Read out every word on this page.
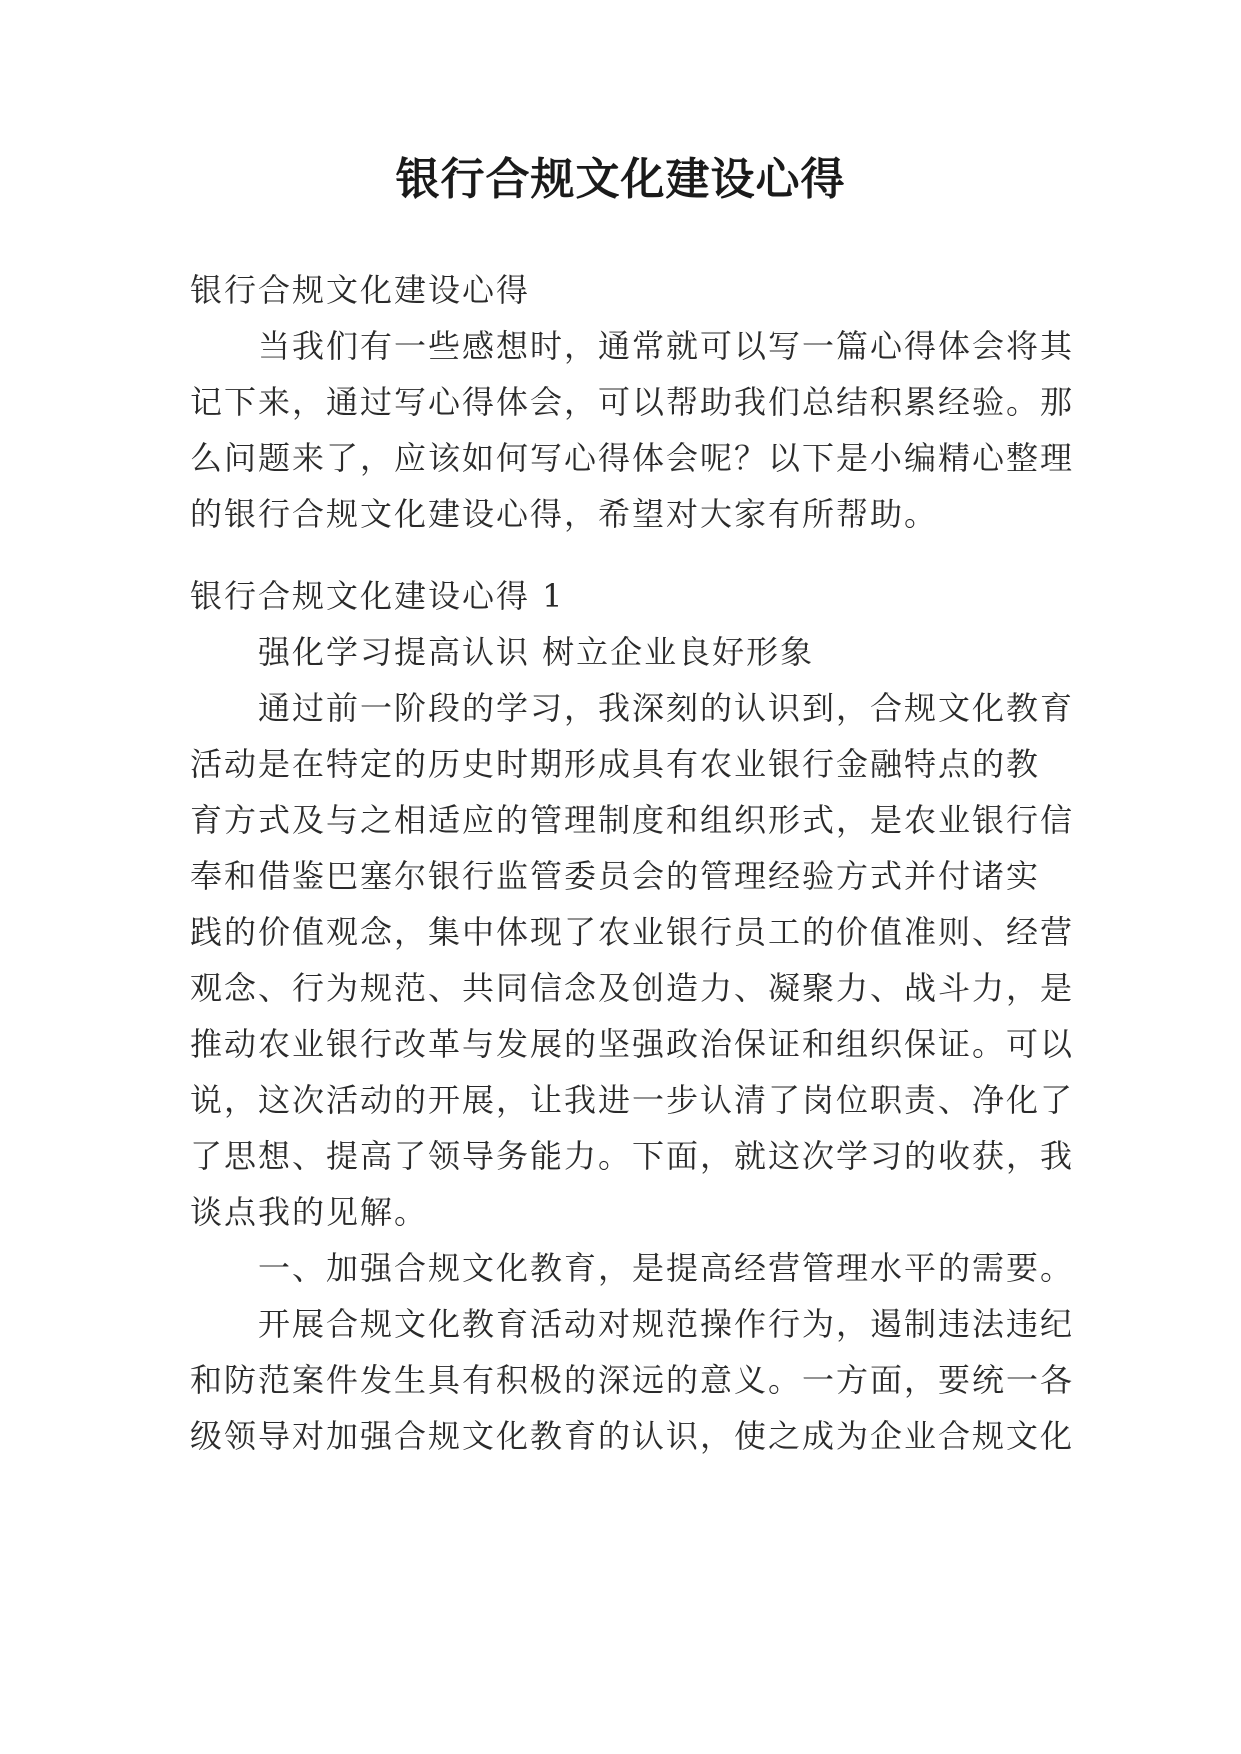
银行合规文化建设心得
银行合规文化建设心得
当我们有一些感想时，通常就可以写一篇心得体会将其
记下来，通过写心得体会，可以帮助我们总结积累经验。那
么问题来了，应该如何写心得体会呢？以下是小编精心整理
的银行合规文化建设心得，希望对大家有所帮助。
银行合规文化建设心得 1
强化学习提高认识 树立企业良好形象
通过前一阶段的学习，我深刻的认识到，合规文化教育
活动是在特定的历史时期形成具有农业银行金融特点的教
育方式及与之相适应的管理制度和组织形式，是农业银行信
奉和借鉴巴塞尔银行监管委员会的管理经验方式并付诸实
践的价值观念，集中体现了农业银行员工的价值准则、经营
观念、行为规范、共同信念及创造力、凝聚力、战斗力，是
推动农业银行改革与发展的坚强政治保证和组织保证。可以
说，这次活动的开展，让我进一步认清了岗位职责、净化了
了思想、提高了领导务能力。下面，就这次学习的收获，我
谈点我的见解。
一、加强合规文化教育，是提高经营管理水平的需要。
开展合规文化教育活动对规范操作行为，遏制违法违纪
和防范案件发生具有积极的深远的意义。一方面，要统一各
级领导对加强合规文化教育的认识，使之成为企业合规文化
